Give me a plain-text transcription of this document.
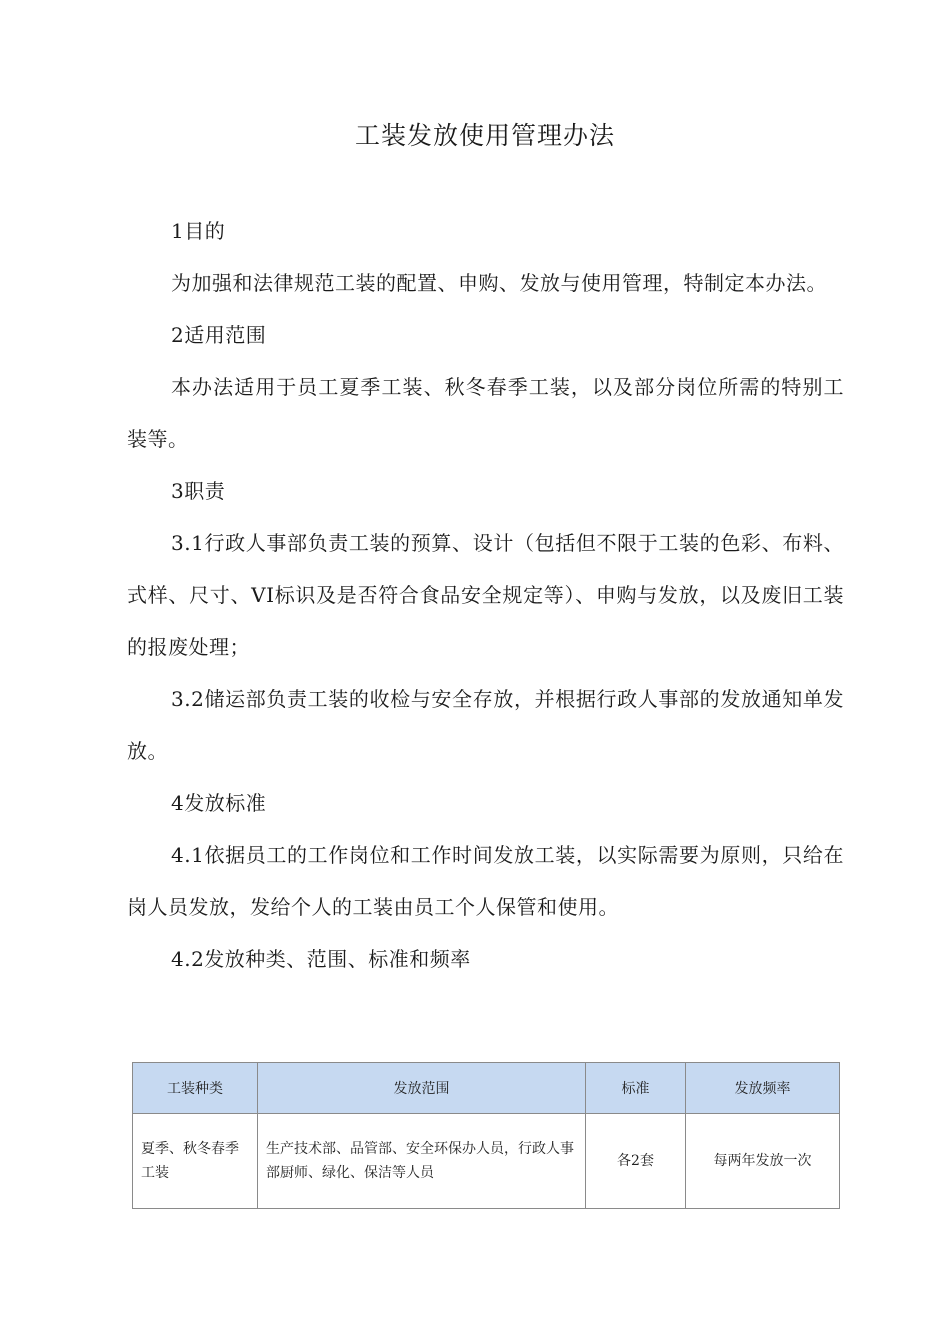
工装发放使用管理办法

1目的

为加强和法律规范工装的配置、申购、发放与使用管理，特制定本办法。

2适用范围

本办法适用于员工夏季工装、秋冬春季工装，以及部分岗位所需的特别工装等。

3职责

3.1行政人事部负责工装的预算、设计（包括但不限于工装的色彩、布料、式样、尺寸、VI标识及是否符合食品安全规定等）、申购与发放，以及废旧工装的报废处理；

3.2储运部负责工装的收检与安全存放，并根据行政人事部的发放通知单发放。

4发放标准

4.1依据员工的工作岗位和工作时间发放工装，以实际需要为原则，只给在岗人员发放，发给个人的工装由员工个人保管和使用。

4.2发放种类、范围、标准和频率

工装种类	发放范围	标准	发放频率
夏季、秋冬春季工装	生产技术部、品管部、安全环保办人员，行政人事部厨师、绿化、保洁等人员	各2套	每两年发放一次
